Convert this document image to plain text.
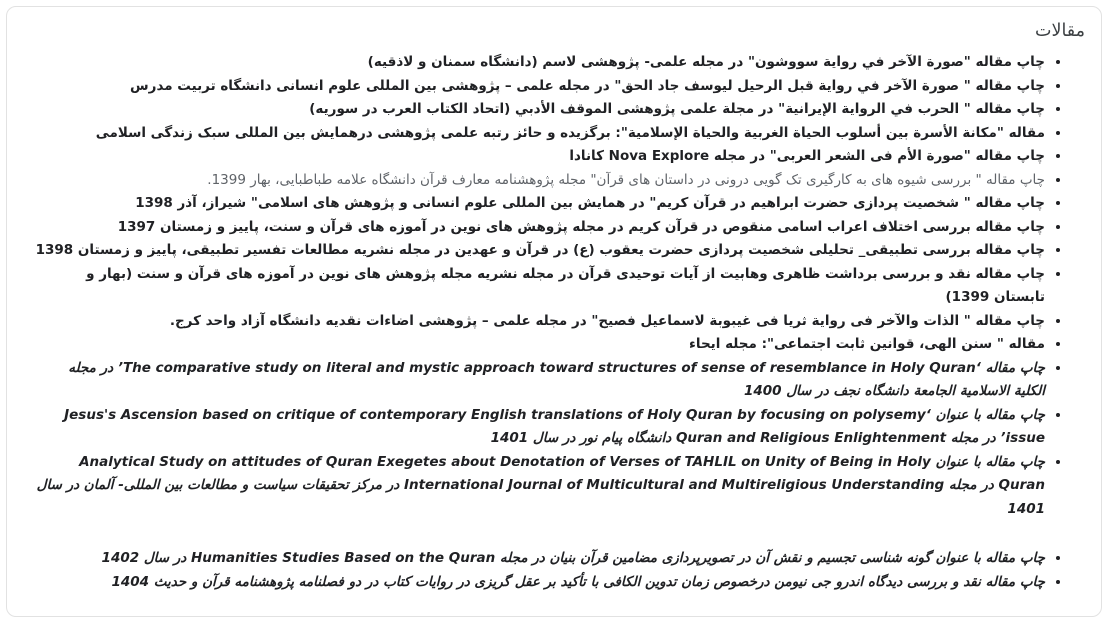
مقالات
• چاپ مقاله "صورة الآخر في رواية سووشون" در مجله علمی- پژوهشی لاسم (دانشگاه سمنان و لاذقیه)
• چاپ مقاله " صورة الآخر في رواية قبل الرحيل ليوسف جاد الحق" در مجله علمی – پژوهشی بین المللی علوم انسانی دانشگاه تربیت مدرس
• چاپ مقاله " الحرب في الرواية الإيرانية" در مجلة علمی پژوهشی الموقف الأدبي (اتحاد الكتاب العرب در سوريه)
• مقاله "مكانة الأسرة بين أسلوب الحياة الغربية والحياة الإسلامية": برگزیده و حائز رتبه علمی پژوهشی درهمایش بین المللی سبک زندگی اسلامی
• چاپ مقاله "صورة الأم فی الشعر العربی" در مجله Nova Explore کانادا
• چاپ مقاله " بررسی شیوه های به کارگیری تک گویی درونی در داستان های قرآن" مجله پژوهشنامه معارف قرآن دانشگاه علامه طباطبایی، بهار 1399.
• چاپ مقاله " شخصیت پردازی حضرت ابراهیم در قرآن کریم" در همایش بین المللی علوم انسانی و پژوهش های اسلامی" شیراز، آذر 1398
• چاپ مقاله بررسی اختلاف اعراب اسامی منقوص در قرآن کریم در مجله پژوهش های نوین در آموزه های قرآن و سنت، پاییز و زمستان 1397
• چاپ مقاله بررسی تطبیقی_ تحلیلی شخصیت پردازی حضرت یعقوب (ع) در قرآن و عهدین در مجله نشریه مطالعات تفسیر تطبیقی، پاییز و زمستان 1398
• چاپ مقاله نقد و بررسی برداشت ظاهری وهابیت از آیات توحیدی قرآن در مجله نشریه مجله پژوهش های نوین در آموزه های قرآن و سنت (بهار و تابستان 1399)
• چاپ مقاله " الذات والآخر فی روایة ثریا فی غیبوبة لاسماعیل فصیح" در مجله علمی – پژوهشی اضاءات نقدیه دانشگاه آزاد واحد کرج.
• مقاله " سنن الهی، قوانین ثابت اجتماعی": مجله ایحاء
• چاپ مقاله ‘The comparative study on literal and mystic approach toward structures of sense of resemblance in Holy Quran’ در مجله الكلية الاسلامية الجامعة دانشگاه نجف در سال 1400
• چاپ مقاله با عنوان ‘Jesus's Ascension based on critique of contemporary English translations of Holy Quran by focusing on polysemy issue’ در مجله Quran and Religious Enlightenment دانشگاه پیام نور در سال 1401
• چاپ مقاله با عنوان Analytical Study on attitudes of Quran Exegetes about Denotation of Verses of TAHLIL on Unity of Being in Holy Quran در مجله International Journal of Multicultural and Multireligious Understanding در مرکز تحقیقات سیاست و مطالعات بین المللی- آلمان در سال 1401
• چاپ مقاله با عنوان گونه شناسی تجسیم و نقش آن در تصویرپردازی مضامین قرآن بنیان در مجله Humanities Studies Based on the Quran در سال 1402
• چاپ مقاله نقد و بررسی دیدگاه اندرو جی نیومن درخصوص زمان تدوین الکافی با تأکید بر عقل گریزی در روایات کتاب در دو فصلنامه پژوهشنامه قرآن و حدیث 1404
